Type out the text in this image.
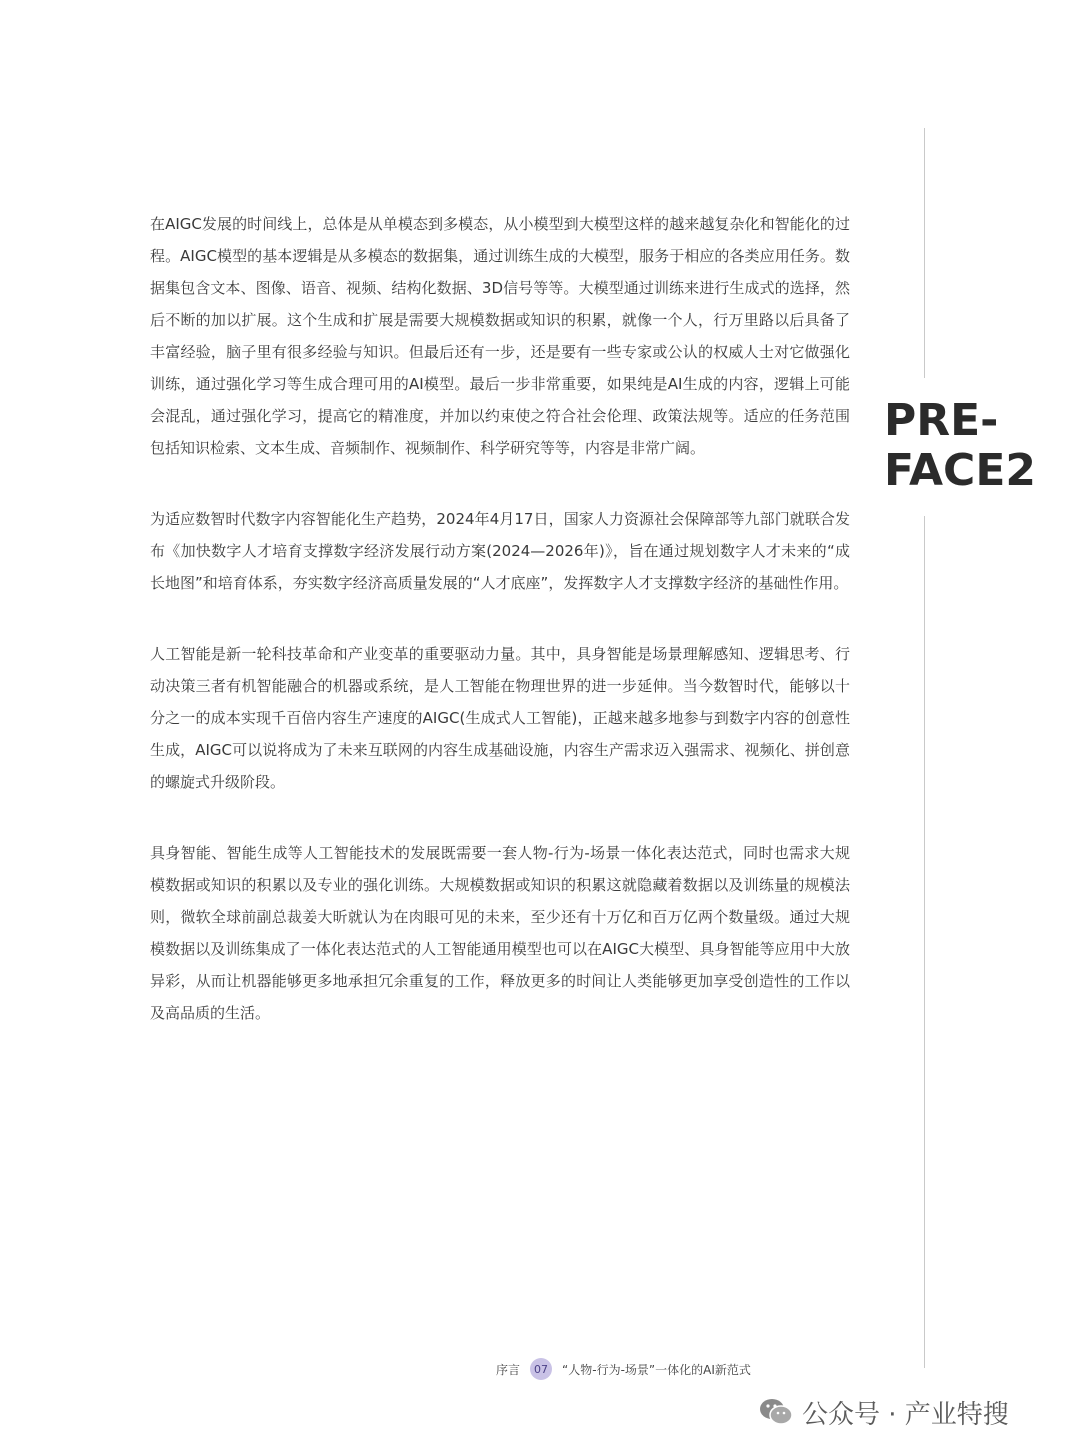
在AIGC发展的时间线上，总体是从单模态到多模态，从小模型到大模型这样的越来越复杂化和智能化的过程。AIGC模型的基本逻辑是从多模态的数据集，通过训练生成的大模型，服务于相应的各类应用任务。数据集包含文本、图像、语音、视频、结构化数据、3D信号等等。大模型通过训练来进行生成式的选择，然后不断的加以扩展。这个生成和扩展是需要大规模数据或知识的积累，就像一个人，行万里路以后具备了丰富经验，脑子里有很多经验与知识。但最后还有一步，还是要有一些专家或公认的权威人士对它做强化训练，通过强化学习等生成合理可用的AI模型。最后一步非常重要，如果纯是AI生成的内容，逻辑上可能会混乱，通过强化学习，提高它的精准度，并加以约束使之符合社会伦理、政策法规等。适应的任务范围包括知识检索、文本生成、音频制作、视频制作、科学研究等等，内容是非常广阔。

为适应数智时代数字内容智能化生产趋势，2024年4月17日，国家人力资源社会保障部等九部门就联合发布《加快数字人才培育支撑数字经济发展行动方案(2024—2026年)》，旨在通过规划数字人才未来的“成长地图”和培育体系，夯实数字经济高质量发展的“人才底座”，发挥数字人才支撑数字经济的基础性作用。

人工智能是新一轮科技革命和产业变革的重要驱动力量。其中，具身智能是场景理解感知、逻辑思考、行动决策三者有机智能融合的机器或系统，是人工智能在物理世界的进一步延伸。当今数智时代，能够以十分之一的成本实现千百倍内容生产速度的AIGC(生成式人工智能)，正越来越多地参与到数字内容的创意性生成，AIGC可以说将成为了未来互联网的内容生成基础设施，内容生产需求迈入强需求、视频化、拼创意的螺旋式升级阶段。

具身智能、智能生成等人工智能技术的发展既需要一套人物-行为-场景一体化表达范式，同时也需求大规模数据或知识的积累以及专业的强化训练。大规模数据或知识的积累这就隐藏着数据以及训练量的规模法则，微软全球前副总裁姜大昕就认为在肉眼可见的未来，至少还有十万亿和百万亿两个数量级。通过大规模数据以及训练集成了一体化表达范式的人工智能通用模型也可以在AIGC大模型、具身智能等应用中大放异彩，从而让机器能够更多地承担冗余重复的工作，释放更多的时间让人类能够更加享受创造性的工作以及高品质的生活。

PRE-
FACE2
序言	07	“人物-行为-场景”一体化的AI新范式
公众号 · 产业特搜
